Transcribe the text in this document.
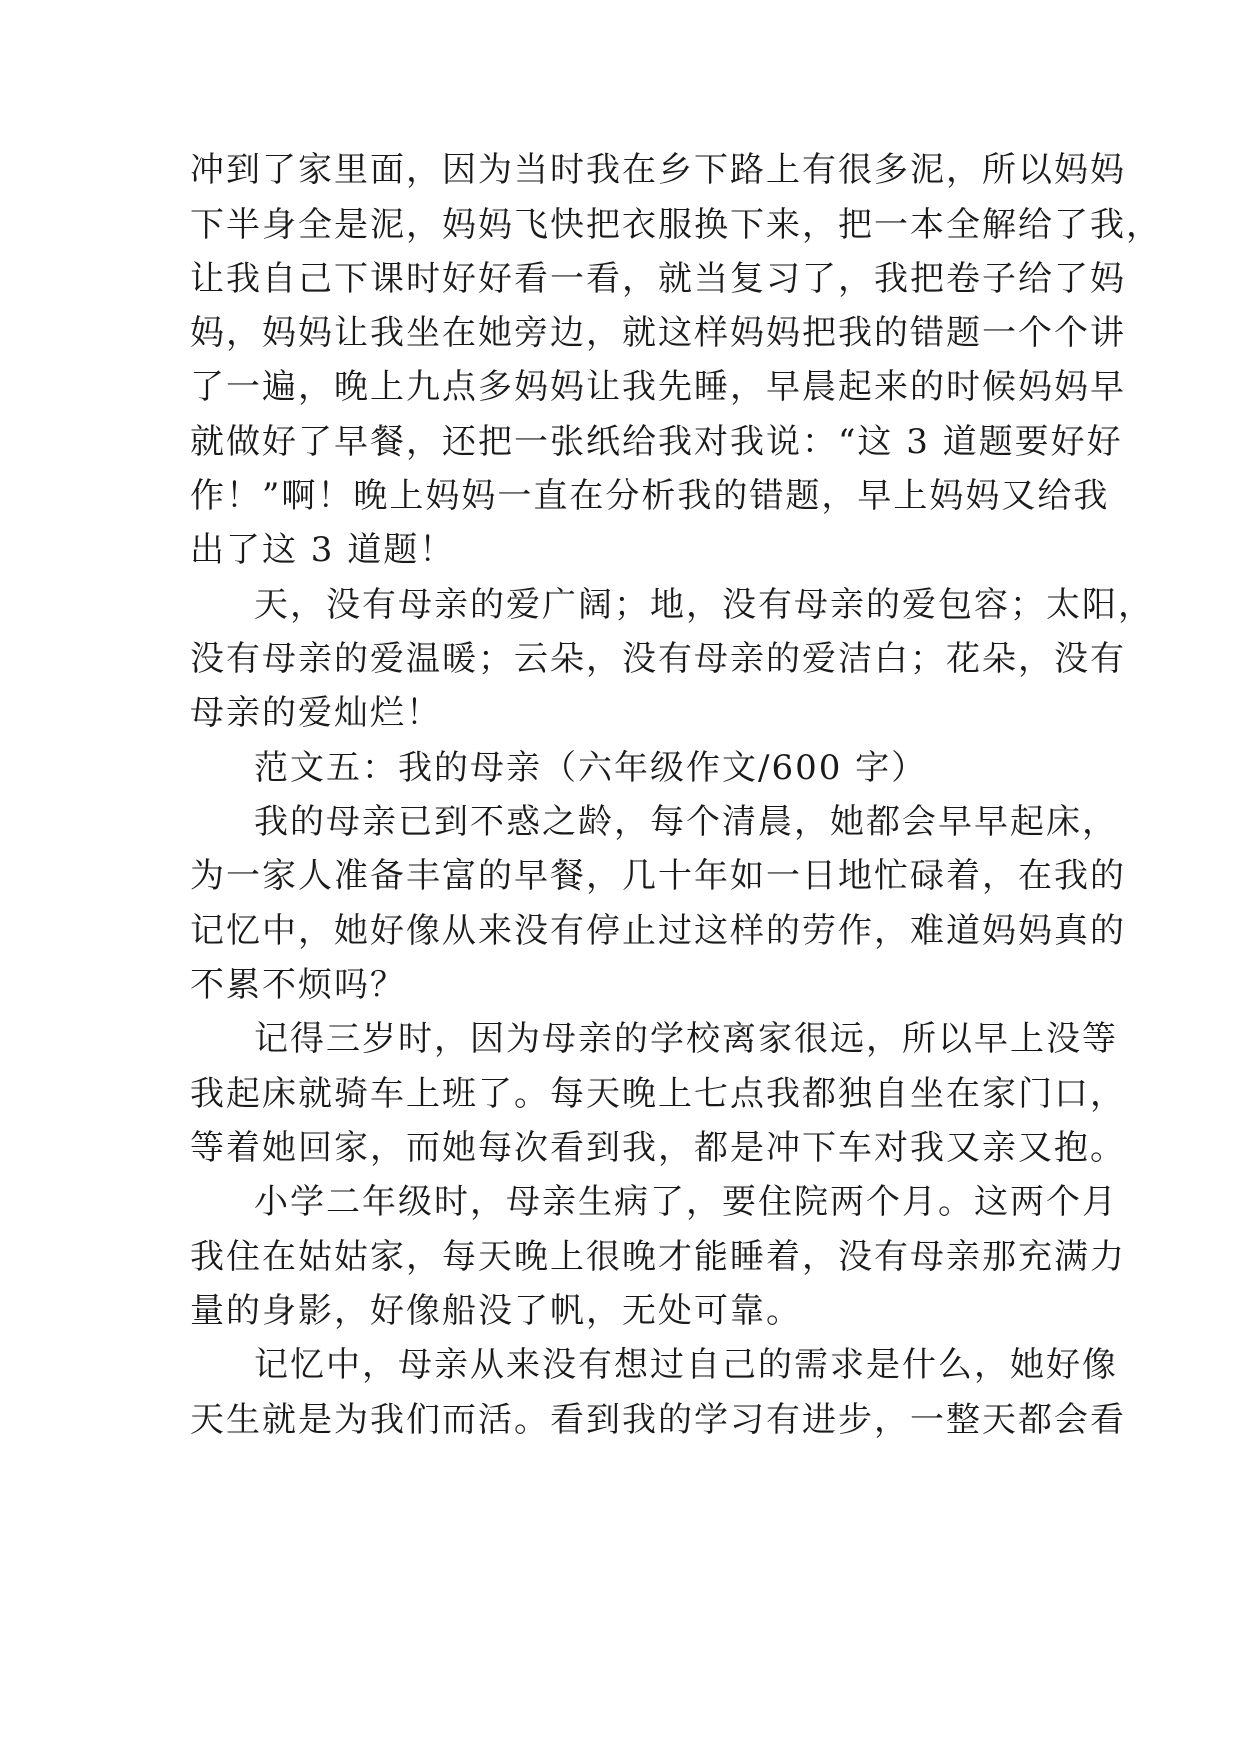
冲到了家里面，因为当时我在乡下路上有很多泥，所以妈妈
下半身全是泥，妈妈飞快把衣服换下来，把一本全解给了我，
让我自己下课时好好看一看，就当复习了，我把卷子给了妈
妈，妈妈让我坐在她旁边，就这样妈妈把我的错题一个个讲
了一遍，晚上九点多妈妈让我先睡，早晨起来的时候妈妈早
就做好了早餐，还把一张纸给我对我说：“这 3 道题要好好
作！”啊！晚上妈妈一直在分析我的错题，早上妈妈又给我
出了这 3 道题！
天，没有母亲的爱广阔；地，没有母亲的爱包容；太阳，
没有母亲的爱温暖；云朵，没有母亲的爱洁白；花朵，没有
母亲的爱灿烂！
范文五：我的母亲（六年级作文/600 字）
我的母亲已到不惑之龄，每个清晨，她都会早早起床，
为一家人准备丰富的早餐，几十年如一日地忙碌着，在我的
记忆中，她好像从来没有停止过这样的劳作，难道妈妈真的
不累不烦吗？
记得三岁时，因为母亲的学校离家很远，所以早上没等
我起床就骑车上班了。每天晚上七点我都独自坐在家门口，
等着她回家，而她每次看到我，都是冲下车对我又亲又抱。
小学二年级时，母亲生病了，要住院两个月。这两个月
我住在姑姑家，每天晚上很晚才能睡着，没有母亲那充满力
量的身影，好像船没了帆，无处可靠。
记忆中，母亲从来没有想过自己的需求是什么，她好像
天生就是为我们而活。看到我的学习有进步，一整天都会看
